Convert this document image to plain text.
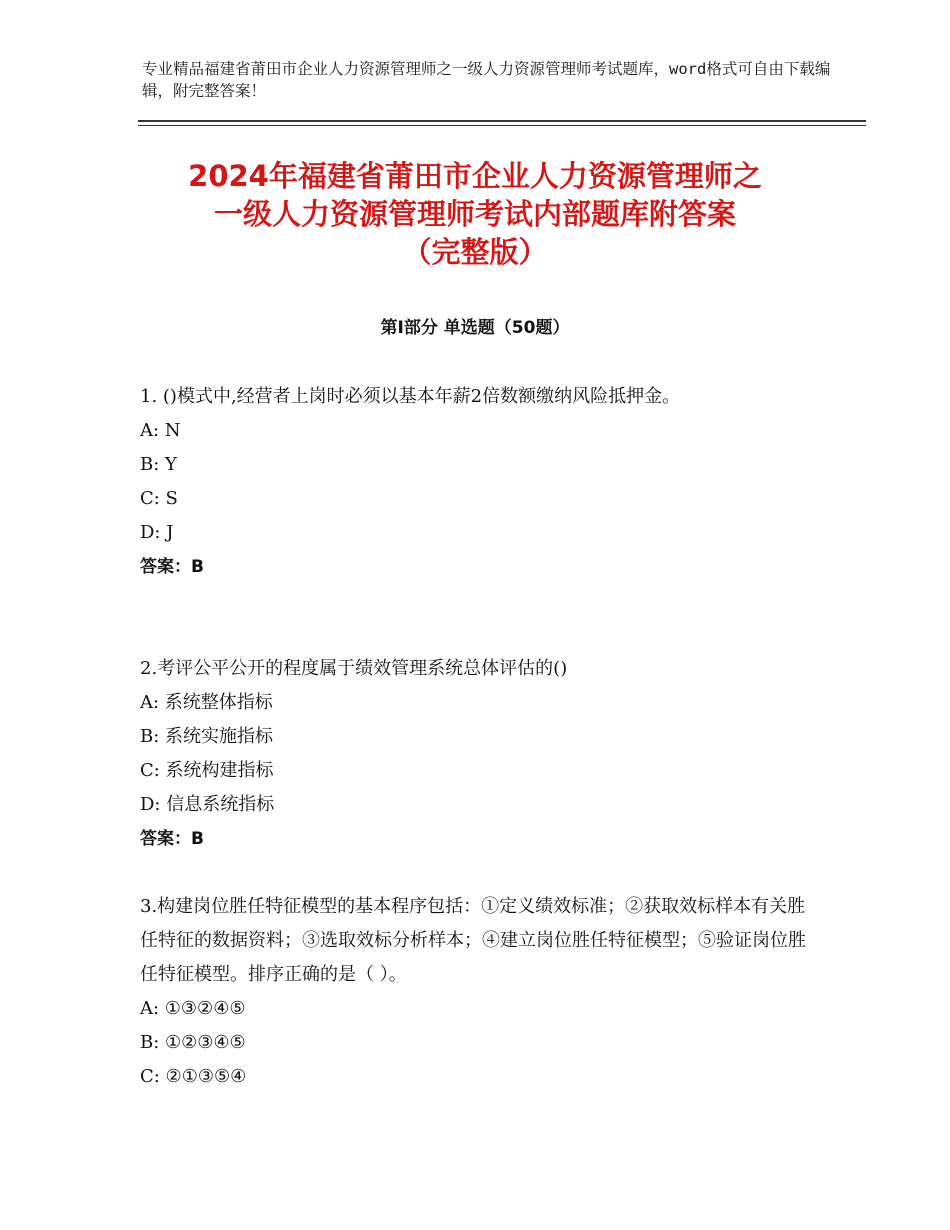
专业精品福建省莆田市企业人力资源管理师之一级人力资源管理师考试题库，word格式可自由下载编辑，附完整答案！
2024年福建省莆田市企业人力资源管理师之
一级人力资源管理师考试内部题库附答案
（完整版）
第Ⅰ部分 单选题（50题）
1. ()模式中,经营者上岗时必须以基本年薪2倍数额缴纳风险抵押金。
A: N
B: Y
C: S
D: J
答案：B
2.考评公平公开的程度属于绩效管理系统总体评估的()
A: 系统整体指标
B: 系统实施指标
C: 系统构建指标
D: 信息系统指标
答案：B
3.构建岗位胜任特征模型的基本程序包括：①定义绩效标准；②获取效标样本有关胜任特征的数据资料；③选取效标分析样本；④建立岗位胜任特征模型；⑤验证岗位胜任特征模型。排序正确的是（ ）。
A: ①③②④⑤
B: ①②③④⑤
C: ②①③⑤④
